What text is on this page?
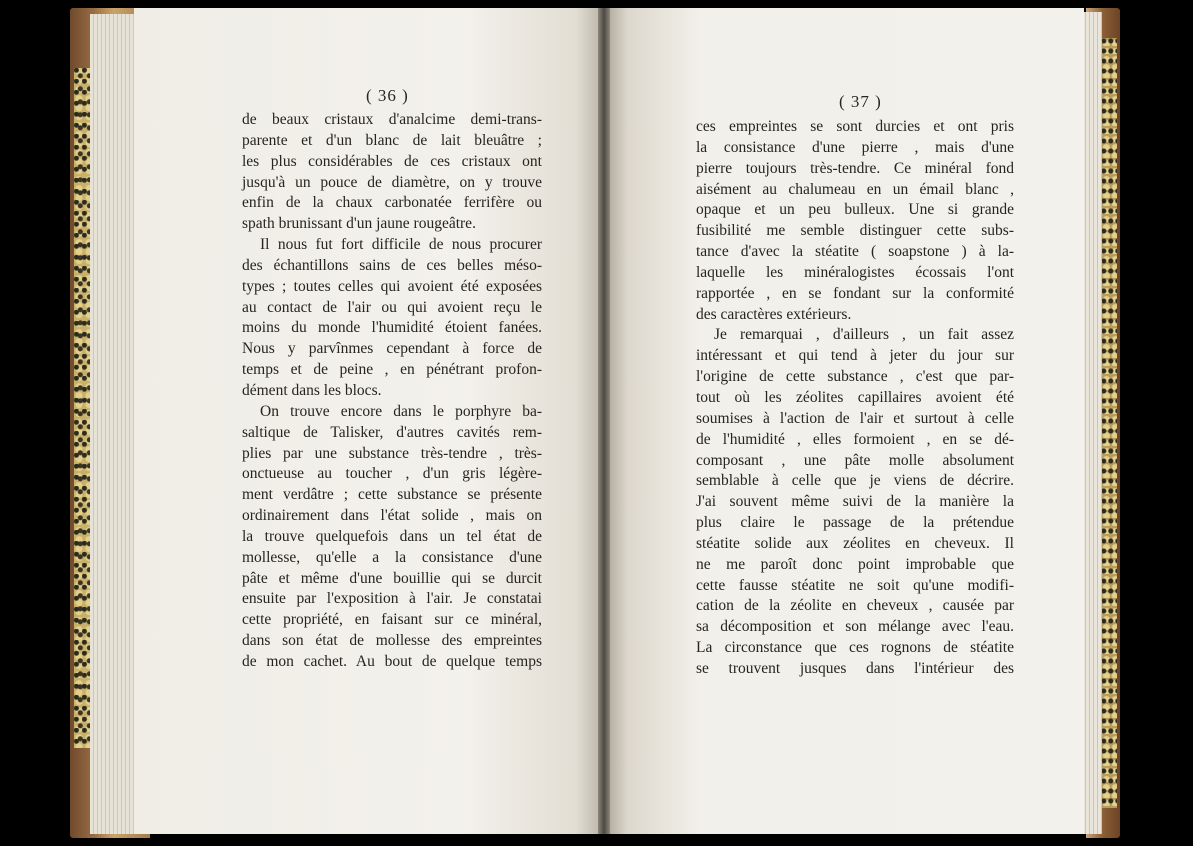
( 36 )
de beaux cristaux d'analcime demi-trans-
parente et d'un blanc de lait bleuâtre ;
les plus considérables de ces cristaux ont
jusqu'à un pouce de diamètre, on y trouve
enfin de la chaux carbonatée ferrifère ou
spath brunissant d'un jaune rougeâtre.
Il nous fut fort difficile de nous procurer
des échantillons sains de ces belles méso-
types ; toutes celles qui avoient été exposées
au contact de l'air ou qui avoient reçu le
moins du monde l'humidité étoient fanées.
Nous y parvînmes cependant à force de
temps et de peine , en pénétrant profon-
dément dans les blocs.
On trouve encore dans le porphyre ba-
saltique de Talisker, d'autres cavités rem-
plies par une substance très-tendre , très-
onctueuse au toucher , d'un gris légère-
ment verdâtre ; cette substance se présente
ordinairement dans l'état solide , mais on
la trouve quelquefois dans un tel état de
mollesse, qu'elle a la consistance d'une
pâte et même d'une bouillie qui se durcit
ensuite par l'exposition à l'air. Je constatai
cette propriété, en faisant sur ce minéral,
dans son état de mollesse des empreintes
de mon cachet. Au bout de quelque temps
( 37 )
ces empreintes se sont durcies et ont pris
la consistance d'une pierre , mais d'une
pierre toujours très-tendre. Ce minéral fond
aisément au chalumeau en un émail blanc ,
opaque et un peu bulleux. Une si grande
fusibilité me semble distinguer cette subs-
tance d'avec la stéatite ( soapstone ) à la-
laquelle les minéralogistes écossais l'ont
rapportée , en se fondant sur la conformité
des caractères extérieurs.
Je remarquai , d'ailleurs , un fait assez
intéressant et qui tend à jeter du jour sur
l'origine de cette substance , c'est que par-
tout où les zéolites capillaires avoient été
soumises à l'action de l'air et surtout à celle
de l'humidité , elles formoient , en se dé-
composant , une pâte molle absolument
semblable à celle que je viens de décrire.
J'ai souvent même suivi de la manière la
plus claire le passage de la prétendue
stéatite solide aux zéolites en cheveux. Il
ne me paroît donc point improbable que
cette fausse stéatite ne soit qu'une modifi-
cation de la zéolite en cheveux , causée par
sa décomposition et son mélange avec l'eau.
La circonstance que ces rognons de stéatite
se trouvent jusques dans l'intérieur des
